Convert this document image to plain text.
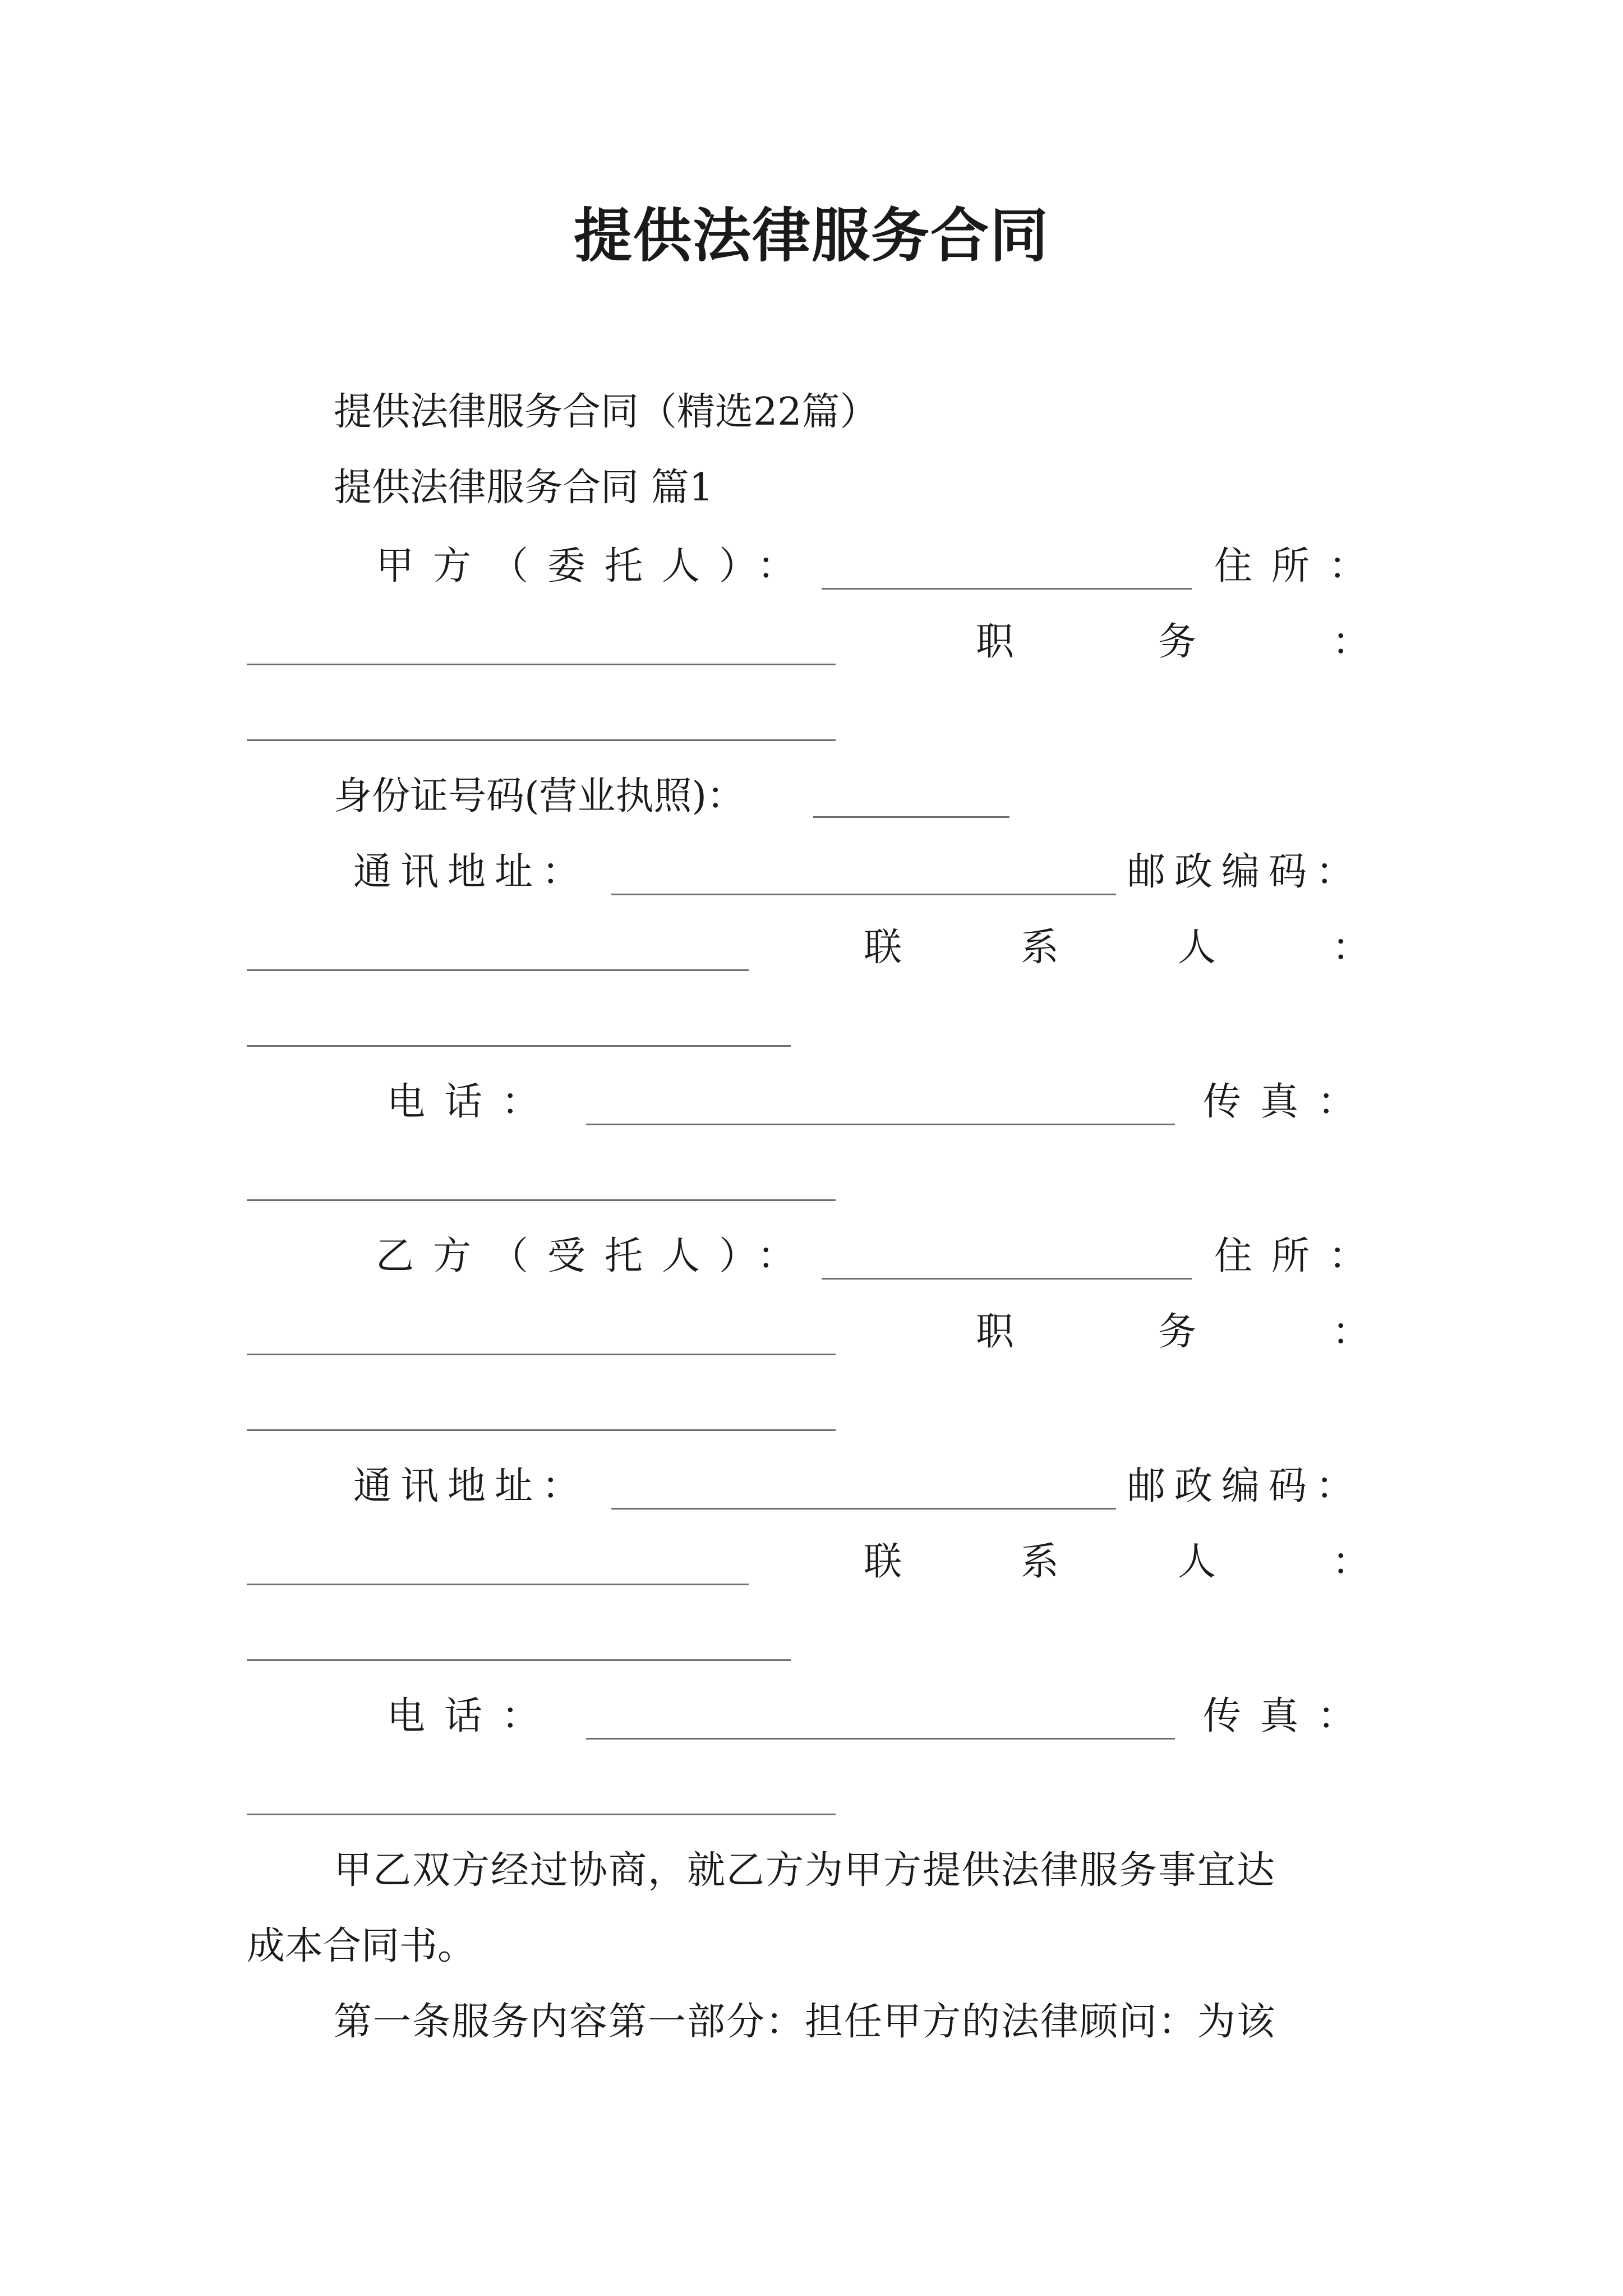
提供法律服务合同
提供法律服务合同（精选22篇）
提供法律服务合同 篇1
甲方（委托人）：	住所：
职	务	：
身份证号码(营业执照)：
通讯地址：	邮政编码：
联	系	人	：
电话：	传真：
乙方（受托人）：	住所：
职	务	：
通讯地址：	邮政编码：
联	系	人	：
电话：	传真：
甲乙双方经过协商，就乙方为甲方提供法律服务事宜达
成本合同书。
第一条服务内容第一部分：担任甲方的法律顾问：为该
